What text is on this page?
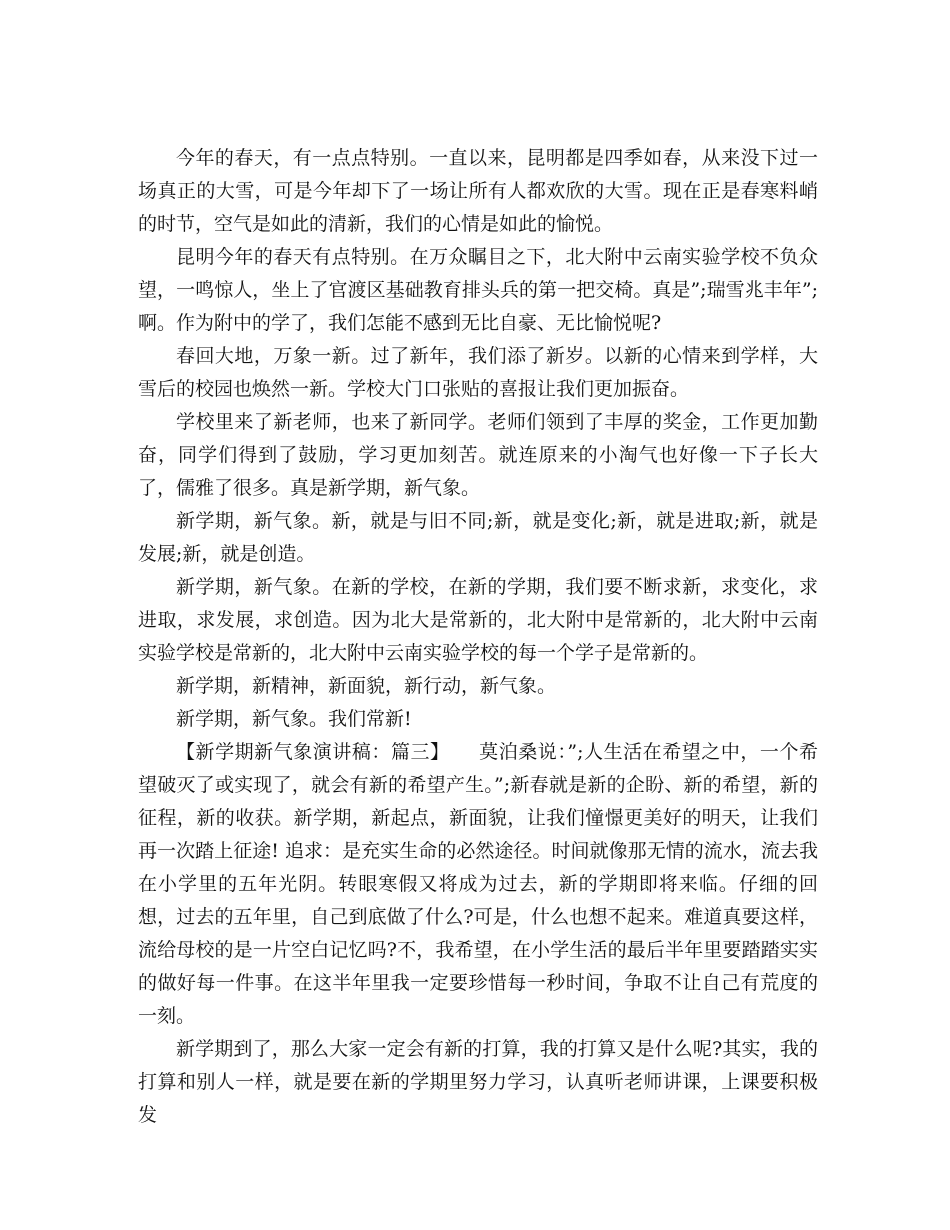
今年的春天，有一点点特别。一直以来，昆明都是四季如春，从来没下过一场真正的大雪，可是今年却下了一场让所有人都欢欣的大雪。现在正是春寒料峭的时节，空气是如此的清新，我们的心情是如此的愉悦。

昆明今年的春天有点特别。在万众瞩目之下，北大附中云南实验学校不负众望，一鸣惊人，坐上了官渡区基础教育排头兵的第一把交椅。真是”;瑞雪兆丰年”;啊。作为附中的学了，我们怎能不感到无比自豪、无比愉悦呢?

春回大地，万象一新。过了新年，我们添了新岁。以新的心情来到学样，大雪后的校园也焕然一新。学校大门口张贴的喜报让我们更加振奋。

学校里来了新老师，也来了新同学。老师们领到了丰厚的奖金，工作更加勤奋，同学们得到了鼓励，学习更加刻苦。就连原来的小淘气也好像一下子长大了，儒雅了很多。真是新学期，新气象。

新学期，新气象。新，就是与旧不同;新，就是变化;新，就是进取;新，就是发展;新，就是创造。

新学期，新气象。在新的学校，在新的学期，我们要不断求新，求变化，求进取，求发展，求创造。因为北大是常新的，北大附中是常新的，北大附中云南实验学校是常新的，北大附中云南实验学校的每一个学子是常新的。

新学期，新精神，新面貌，新行动，新气象。

新学期，新气象。我们常新!

【新学期新气象演讲稿：篇三】　　莫泊桑说：”;人生活在希望之中，一个希望破灭了或实现了，就会有新的希望产生。”;新春就是新的企盼、新的希望，新的征程，新的收获。新学期，新起点，新面貌，让我们憧憬更美好的明天，让我们再一次踏上征途! 追求：是充实生命的必然途径。时间就像那无情的流水，流去我在小学里的五年光阴。转眼寒假又将成为过去，新的学期即将来临。仔细的回想，过去的五年里，自己到底做了什么?可是，什么也想不起来。难道真要这样，流给母校的是一片空白记忆吗?不，我希望，在小学生活的最后半年里要踏踏实实的做好每一件事。在这半年里我一定要珍惜每一秒时间，争取不让自己有荒度的一刻。

新学期到了，那么大家一定会有新的打算，我的打算又是什么呢?其实，我的打算和别人一样，就是要在新的学期里努力学习，认真听老师讲课，上课要积极发
